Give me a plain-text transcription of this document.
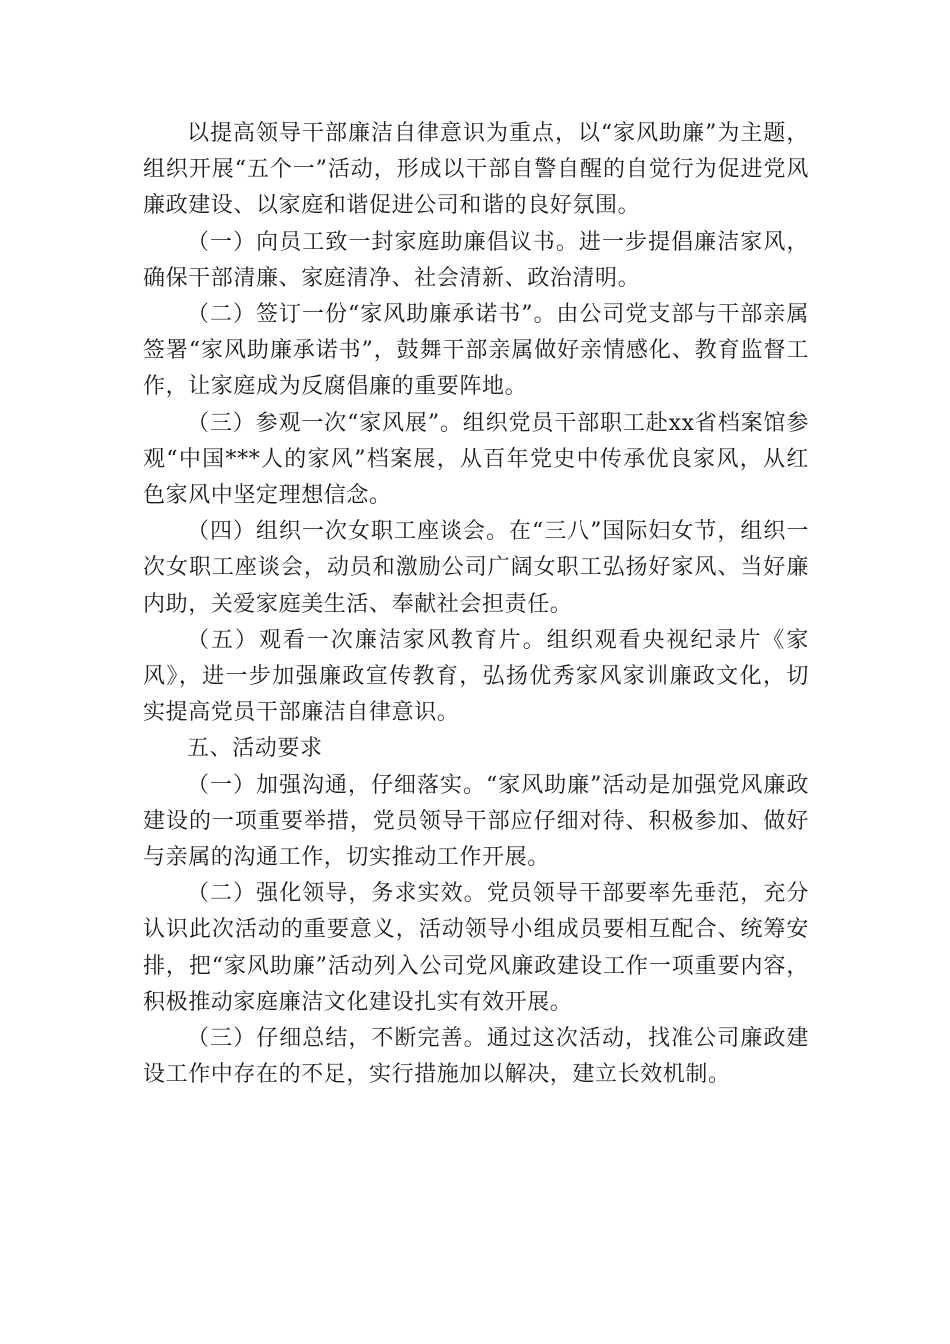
以提高领导干部廉洁自律意识为重点，以“家风助廉”为主题，组织开展“五个一”活动，形成以干部自警自醒的自觉行为促进党风廉政建设、以家庭和谐促进公司和谐的良好氛围。

（一）向员工致一封家庭助廉倡议书。进一步提倡廉洁家风，确保干部清廉、家庭清净、社会清新、政治清明。

（二）签订一份“家风助廉承诺书”。由公司党支部与干部亲属签署“家风助廉承诺书”，鼓舞干部亲属做好亲情感化、教育监督工作，让家庭成为反腐倡廉的重要阵地。

（三）参观一次“家风展”。组织党员干部职工赴xx省档案馆参观“中国***人的家风”档案展，从百年党史中传承优良家风，从红色家风中坚定理想信念。

（四）组织一次女职工座谈会。在“三八”国际妇女节，组织一次女职工座谈会，动员和激励公司广阔女职工弘扬好家风、当好廉内助，关爱家庭美生活、奉献社会担责任。

（五）观看一次廉洁家风教育片。组织观看央视纪录片《家风》，进一步加强廉政宣传教育，弘扬优秀家风家训廉政文化，切实提高党员干部廉洁自律意识。

五、活动要求

（一）加强沟通，仔细落实。“家风助廉”活动是加强党风廉政建设的一项重要举措，党员领导干部应仔细对待、积极参加、做好与亲属的沟通工作，切实推动工作开展。

（二）强化领导，务求实效。党员领导干部要率先垂范，充分认识此次活动的重要意义，活动领导小组成员要相互配合、统筹安排，把“家风助廉”活动列入公司党风廉政建设工作一项重要内容，积极推动家庭廉洁文化建设扎实有效开展。

（三）仔细总结，不断完善。通过这次活动，找准公司廉政建设工作中存在的不足，实行措施加以解决，建立长效机制。
